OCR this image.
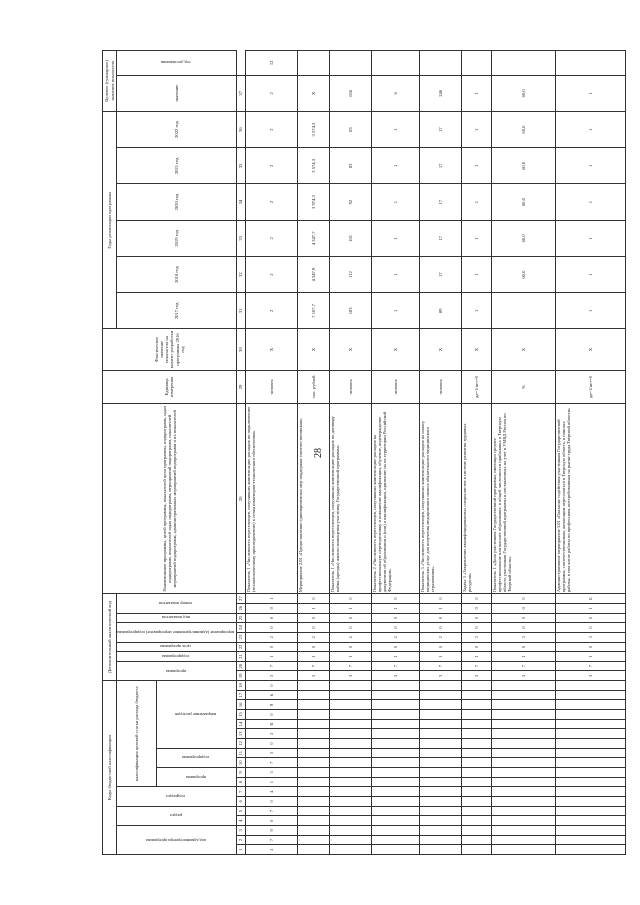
28
Коды бюджетной классификации																		Дополнительный аналитический код									Наименование программы, целей программы, показателей цели программы, подпрограмм, задач подпрограмм, показателей задач подпрограмм, мероприятий подпрограмм, показателей мероприятий подпрограмм, административных мероприятий подпрограмм и их показателей	Единица измерения	Фактическое значение показателя на момент разработки программы 2016 год	Годы реализации программы						Целевое (суммарное) значение показателя	
код администратора программы			раздел		подраздел		классификация целевой статьи расхода бюджета											программа		подпрограмма	цель программы	мероприятие (административное мероприятие) подпрограммы		вид показателя	номер показателя					2017 год	2018 год	2019 год	2020 год	2021 год	2022 год	значение	год достижения
							программа		подпрограмма		направление расходов																										
1	2	3	4	5	6	7	8	9	10	11	12	13	14	15	16	17	18	19	20	21	22	23	24	25	26	27	28	29	30	31	32	33	34	35	36	37	
2	7	9	0	7	0	4	1	3	7	3	0	2	R	0	8	6	0	3	7	1	0	2	0	0	0	1	Показатель 1 «Численность переселенцев, получивших компенсацию расходов по подключению (технологическому присоединению) к сетям инженерно-технического обеспечения»	человек	Х	2	2	2	2	2	2	2	12
																		3	7	1	0	2	0	0	1	0	Мероприятие 2.01 «Предоставление единовременных мер поддержки соотечественникам»	тыс. рублей	Х	7 107,7	4 347,9	4 347,7	3 974,3	3 574,3	3 574,3	Х	
																		3	7	1	0	2	0	0	1	0	Показатель 1 «Численность переселенцев, получивших компенсацию расходов по договору найма (аренды) жилого помещения участнику Государственной программы»	человек	Х	183	112	101	92	83	83	656	
																		3	7	1	0	2	0	0	1	0	Показатель 2 «Численность переселенцев, получивших компенсацию расходов на профессиональную переподготовку и повышение квалификации, обучение, подтверждение документов об образовании и (или) о квалификации, признание их на территории Российской Федерации»	человек	Х	1	1	1	1	1	1	6	
																		3	7	1	0	2	0	0	1	0	Показатель 3 «Численность переселенцев, получивших компенсацию расходов на оплату медицинских услуг для получения медицинского полиса обязательного медицинского страхования»	человек	Х	89	17	17	17	17	17	246	
																		3	7	1	0	3	0	0	0	0	Задача 3 «Закрепление квалифицированных специалистов в системе развития трудовых ресурсов»	да=1/нет=0	Х	1	1	1	1	1	1	1	
																		3	7	1	0	3	0	0	0	0	Показатель 1 «Доля участников Государственной программы, имеющих среднее профессиональное или высшее образование, в общей численности прибывших в Тверскую область участников Государственной программы и поставленных на учет в УМВД России по Тверской области»	%	Х		60,0	60,0	60,0	60,0	60,0	60,0	
																		3	7	1	0	3	0	0	1	Б	Административное мероприятие 3.01 «Оказание содействия участникам Государственной программы, соотечественникам, желающим переселиться в Тверскую область, в поисках работы, в том числе работы по профессиям, востребованным на рынке труда Тверской области»	да=1/нет=0	Х	1	1	1	1	1	1	1	
